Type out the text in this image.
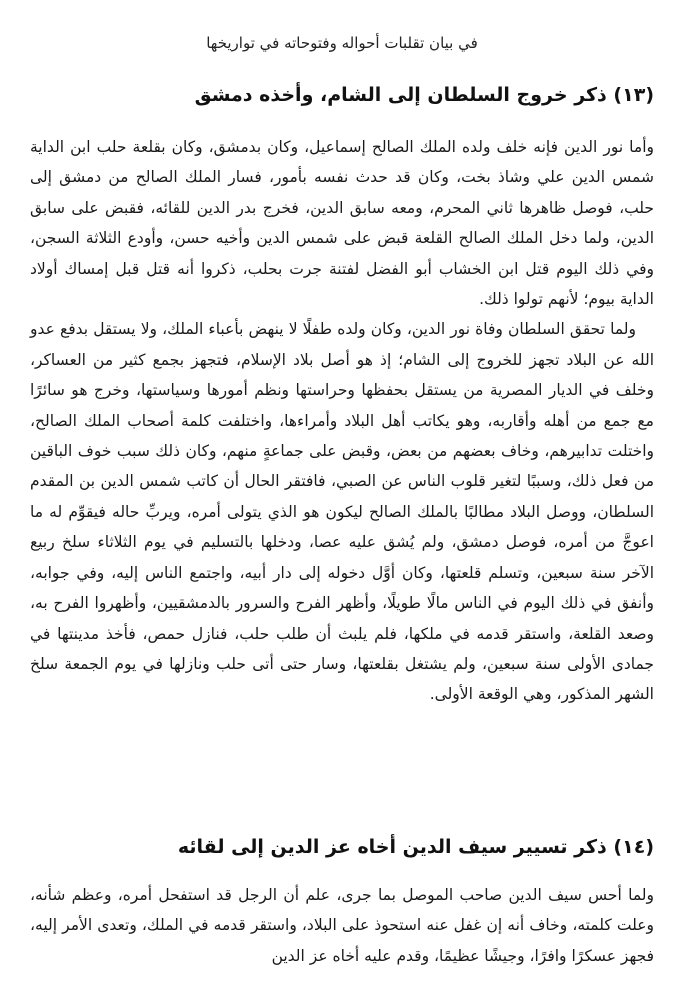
في بيان تقلبات أحواله وفتوحاته في تواريخها
(١٣) ذكر خروج السلطان إلى الشام، وأخذه دمشق

وأما نور الدين فإنه خلف ولده الملك الصالح إسماعيل، وكان بدمشق، وكان بقلعة حلب ابن الداية شمس الدين علي وشاذ بخت، وكان قد حدث نفسه بأمور، فسار الملك الصالح من دمشق إلى حلب، فوصل ظاهرها ثاني المحرم، ومعه سابق الدين، فخرج بدر الدين للقائه، فقبض على سابق الدين، ولما دخل الملك الصالح القلعة قبض على شمس الدين وأخيه حسن، وأودع الثلاثة السجن، وفي ذلك اليوم قتل ابن الخشاب أبو الفضل لفتنة جرت بحلب، ذكروا أنه قتل قبل إمساك أولاد الداية بيوم؛ لأنهم تولوا ذلك.

ولما تحقق السلطان وفاة نور الدين، وكان ولده طفلًا لا ينهض بأعباء الملك، ولا يستقل بدفع عدو الله عن البلاد تجهز للخروج إلى الشام؛ إذ هو أصل بلاد الإسلام، فتجهز بجمع كثير من العساكر، وخلف في الديار المصرية من يستقل بحفظها وحراستها ونظم أمورها وسياستها، وخرج هو سائرًا مع جمع من أهله وأقاربه، وهو يكاتب أهل البلاد وأمراءها، واختلفت كلمة أصحاب الملك الصالح، واختلت تدابيرهم، وخاف بعضهم من بعض، وقبض على جماعةٍ منهم، وكان ذلك سبب خوف الباقين من فعل ذلك، وسببًا لتغير قلوب الناس عن الصبي، فافتقر الحال أن كاتب شمس الدين بن المقدم السلطان، ووصل البلاد مطالبًا بالملك الصالح ليكون هو الذي يتولى أمره، ويربِّ حاله فيقوِّم له ما اعوجَّ من أمره، فوصل دمشق، ولم يُشق عليه عصا، ودخلها بالتسليم في يوم الثلاثاء سلخ ربيع الآخر سنة سبعين، وتسلم قلعتها، وكان أوَّل دخوله إلى دار أبيه، واجتمع الناس إليه، وفي جوابه، وأنفق في ذلك اليوم في الناس مالًا طويلًا، وأظهر الفرح والسرور بالدمشقيين، وأظهروا الفرح به، وصعد القلعة، واستقر قدمه في ملكها، فلم يلبث أن طلب حلب، فنازل حمص، فأخذ مدينتها في جمادى الأولى سنة سبعين، ولم يشتغل بقلعتها، وسار حتى أتى حلب ونازلها في يوم الجمعة سلخ الشهر المذكور، وهي الوقعة الأولى.

(١٤) ذكر تسيير سيف الدين أخاه عز الدين إلى لقائه

ولما أحس سيف الدين صاحب الموصل بما جرى، علم أن الرجل قد استفحل أمره، وعظم شأنه، وعلت كلمته، وخاف أنه إن غفل عنه استحوذ على البلاد، واستقر قدمه في الملك، وتعدى الأمر إليه، فجهز عسكرًا وافرًا، وجيشًا عظيمًا، وقدم عليه أخاه عز الدين
